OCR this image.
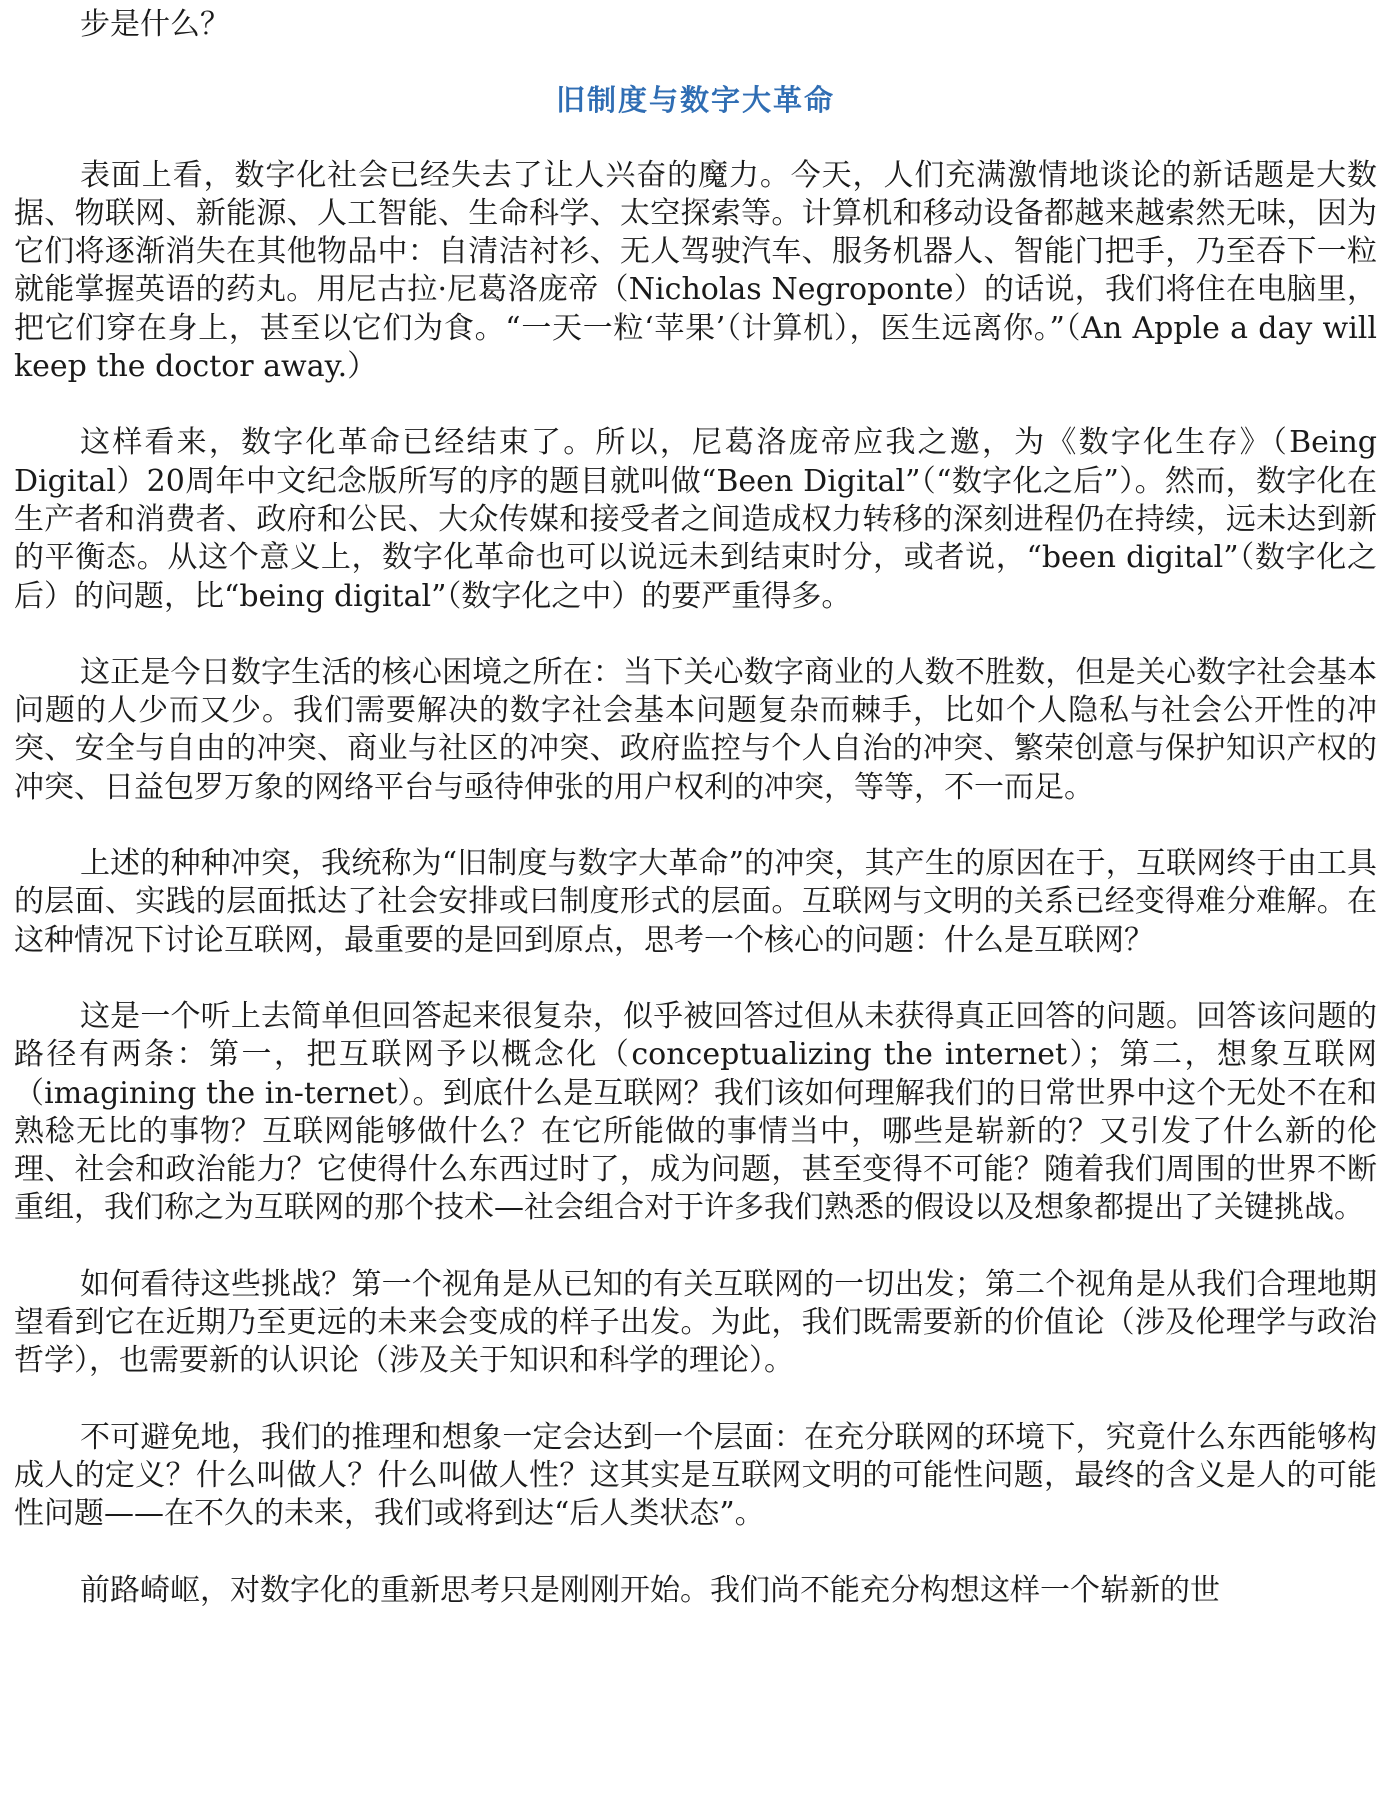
步是什么？

旧制度与数字大革命

表面上看，数字化社会已经失去了让人兴奋的魔力。今天，人们充满激情地谈论的新话题是大数据、物联网、新能源、人工智能、生命科学、太空探索等。计算机和移动设备都越来越索然无味，因为它们将逐渐消失在其他物品中：自清洁衬衫、无人驾驶汽车、服务机器人、智能门把手，乃至吞下一粒就能掌握英语的药丸。用尼古拉·尼葛洛庞帝（Nicholas Negroponte）的话说，我们将住在电脑里，把它们穿在身上，甚至以它们为食。“一天一粒‘苹果’（计算机），医生远离你。”（An Apple a day will keep the doctor away.）

这样看来，数字化革命已经结束了。所以，尼葛洛庞帝应我之邀，为《数字化生存》（Being Digital）20周年中文纪念版所写的序的题目就叫做“Been Digital”（“数字化之后”）。然而，数字化在生产者和消费者、政府和公民、大众传媒和接受者之间造成权力转移的深刻进程仍在持续，远未达到新的平衡态。从这个意义上，数字化革命也可以说远未到结束时分，或者说，“been digital”（数字化之后）的问题，比“being digital”（数字化之中）的要严重得多。

这正是今日数字生活的核心困境之所在：当下关心数字商业的人数不胜数，但是关心数字社会基本问题的人少而又少。我们需要解决的数字社会基本问题复杂而棘手，比如个人隐私与社会公开性的冲突、安全与自由的冲突、商业与社区的冲突、政府监控与个人自治的冲突、繁荣创意与保护知识产权的冲突、日益包罗万象的网络平台与亟待伸张的用户权利的冲突，等等，不一而足。

上述的种种冲突，我统称为“旧制度与数字大革命”的冲突，其产生的原因在于，互联网终于由工具的层面、实践的层面抵达了社会安排或曰制度形式的层面。互联网与文明的关系已经变得难分难解。在这种情况下讨论互联网，最重要的是回到原点，思考一个核心的问题：什么是互联网？

这是一个听上去简单但回答起来很复杂，似乎被回答过但从未获得真正回答的问题。回答该问题的路径有两条：第一，把互联网予以概念化（conceptualizing the internet）；第二，想象互联网（imagining the in-ternet）。到底什么是互联网？我们该如何理解我们的日常世界中这个无处不在和熟稔无比的事物？互联网能够做什么？在它所能做的事情当中，哪些是崭新的？又引发了什么新的伦理、社会和政治能力？它使得什么东西过时了，成为问题，甚至变得不可能？随着我们周围的世界不断重组，我们称之为互联网的那个技术—社会组合对于许多我们熟悉的假设以及想象都提出了关键挑战。

如何看待这些挑战？第一个视角是从已知的有关互联网的一切出发；第二个视角是从我们合理地期望看到它在近期乃至更远的未来会变成的样子出发。为此，我们既需要新的价值论（涉及伦理学与政治哲学），也需要新的认识论（涉及关于知识和科学的理论）。

不可避免地，我们的推理和想象一定会达到一个层面：在充分联网的环境下，究竟什么东西能够构成人的定义？什么叫做人？什么叫做人性？这其实是互联网文明的可能性问题，最终的含义是人的可能性问题——在不久的未来，我们或将到达“后人类状态”。

前路崎岖，对数字化的重新思考只是刚刚开始。我们尚不能充分构想这样一个崭新的世
